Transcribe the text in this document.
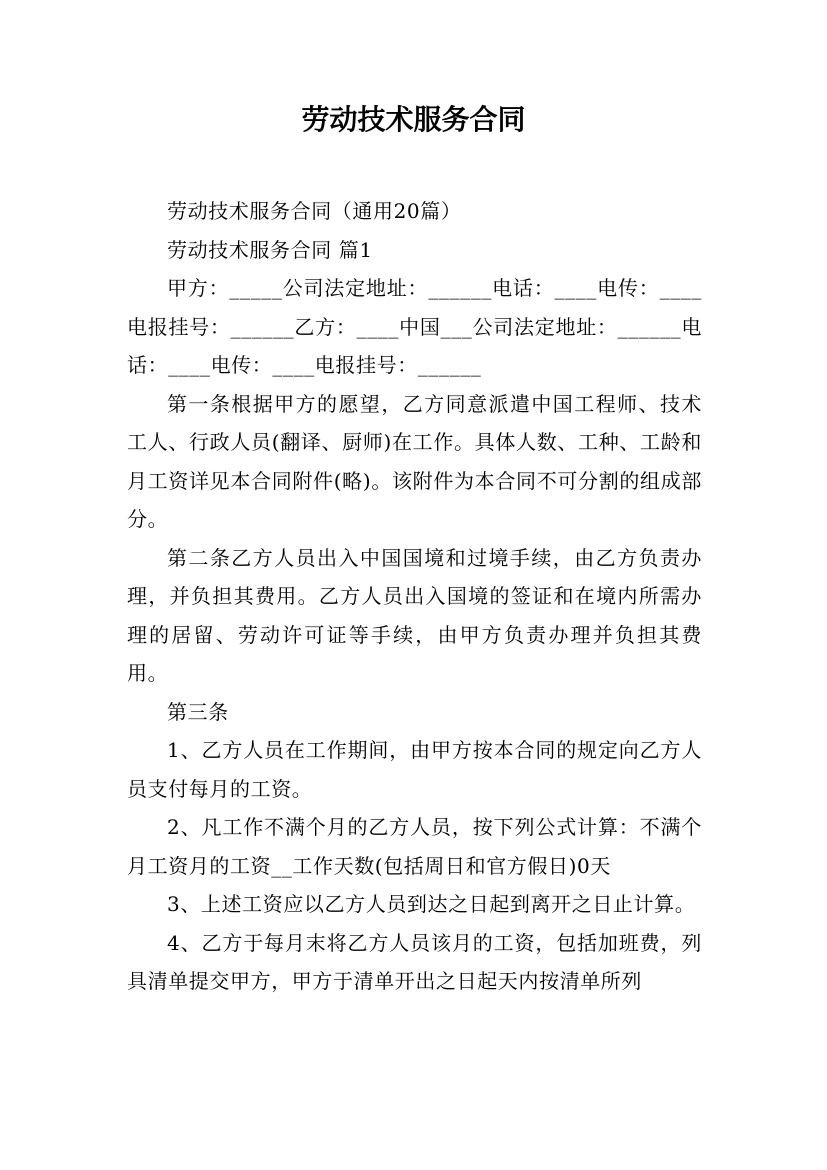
劳动技术服务合同

劳动技术服务合同（通用20篇）

劳动技术服务合同 篇1

甲方：_____公司法定地址：______电话：____电传：____电报挂号：______乙方：____中国___公司法定地址：______电话：____电传：____电报挂号：______

第一条根据甲方的愿望，乙方同意派遣中国工程师、技术工人、行政人员(翻译、厨师)在工作。具体人数、工种、工龄和月工资详见本合同附件(略)。该附件为本合同不可分割的组成部分。

第二条乙方人员出入中国国境和过境手续，由乙方负责办理，并负担其费用。乙方人员出入国境的签证和在境内所需办理的居留、劳动许可证等手续，由甲方负责办理并负担其费用。

第三条

1、乙方人员在工作期间，由甲方按本合同的规定向乙方人员支付每月的工资。

2、凡工作不满个月的乙方人员，按下列公式计算：不满个月工资月的工资__工作天数(包括周日和官方假日)0天

3、上述工资应以乙方人员到达之日起到离开之日止计算。

4、乙方于每月末将乙方人员该月的工资，包括加班费，列具清单提交甲方，甲方于清单开出之日起天内按清单所列
